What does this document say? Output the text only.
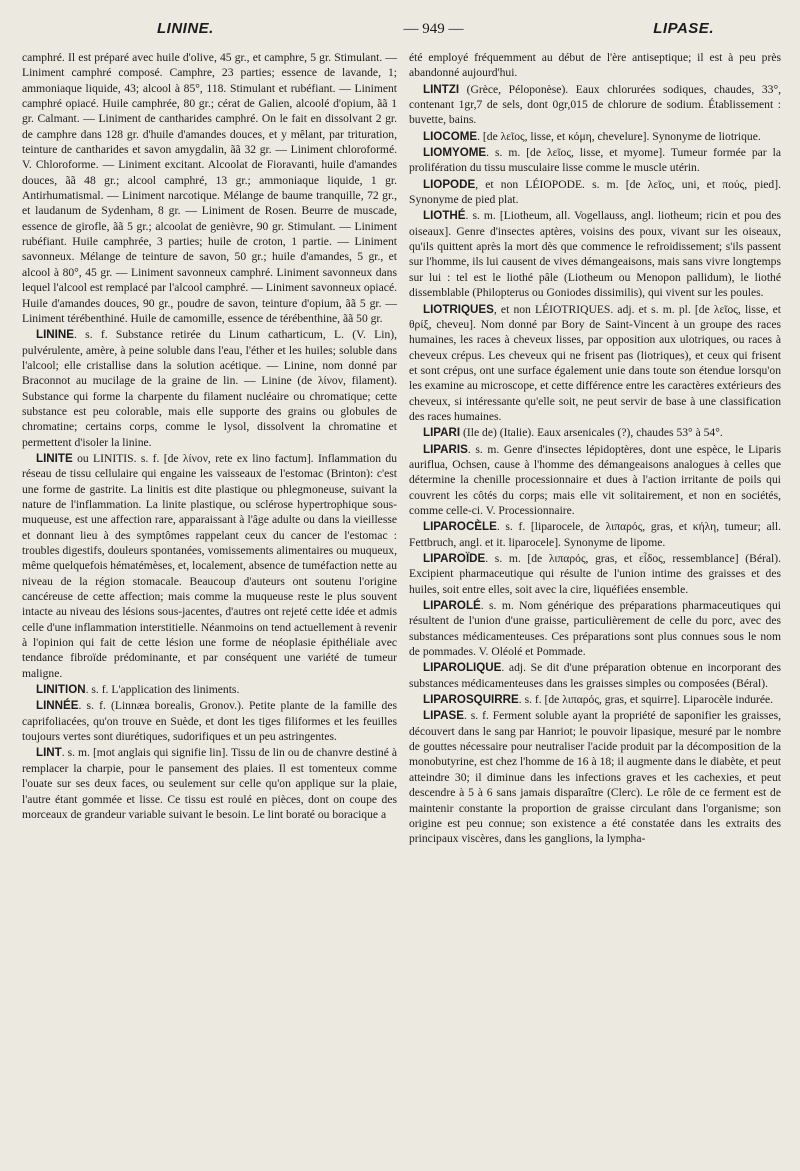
LININE.	— 949 —	LIPASE.

camphré. Il est préparé avec huile d'olive, 45 gr., et camphre, 5 gr. Stimulant. — Liniment camphré composé. Camphre, 23 parties; essence de lavande, 1; ammoniaque liquide, 43; alcool à 85°, 118. Stimulant et rubéfiant. — Liniment camphré opiacé. Huile camphrée, 80 gr.; cérat de Galien, alcoolé d'opium, ãã 1 gr. Calmant. — Liniment de cantharides camphré. On le fait en dissolvant 2 gr. de camphre dans 128 gr. d'huile d'amandes douces, et y mêlant, par trituration, teinture de cantharides et savon amygdalin, ãã 32 gr. — Liniment chloroformé. V. Chloroforme. — Liniment excitant. Alcoolat de Fioravanti, huile d'amandes douces, ãã 48 gr.; alcool camphré, 13 gr.; ammoniaque liquide, 1 gr. Antirhumatismal. — Liniment narcotique. Mélange de baume tranquille, 72 gr., et laudanum de Sydenham, 8 gr. — Liniment de Rosen. Beurre de muscade, essence de girofle, ãã 5 gr.; alcoolat de genièvre, 90 gr. Stimulant. — Liniment rubéfiant. Huile camphrée, 3 parties; huile de croton, 1 partie. — Liniment savonneux. Mélange de teinture de savon, 50 gr.; huile d'amandes, 5 gr., et alcool à 80°, 45 gr. — Liniment savonneux camphré. Liniment savonneux dans lequel l'alcool est remplacé par l'alcool camphré. — Liniment savonneux opiacé. Huile d'amandes douces, 90 gr., poudre de savon, teinture d'opium, ãã 5 gr. — Liniment térébenthiné. Huile de camomille, essence de térébenthine, ãã 50 gr.

LININE. s. f. Substance retirée du Linum catharticum, L. (V. Lin), pulvérulente, amère, à peine soluble dans l'eau, l'éther et les huiles; soluble dans l'alcool; elle cristallise dans la solution acétique. — Linine, nom donné par Braconnot au mucilage de la graine de lin. — Linine (de λίνον, filament). Substance qui forme la charpente du filament nucléaire ou chromatique; cette substance est peu colorable, mais elle supporte des grains ou globules de chromatine; certains corps, comme le lysol, dissolvent la chromatine et permettent d'isoler la linine.

LINITE ou LINITIS. s. f. [de λίνον, rete ex lino factum]. Inflammation du réseau de tissu cellulaire qui engaine les vaisseaux de l'estomac (Brinton): c'est une forme de gastrite. La linitis est dite plastique ou phlegmoneuse, suivant la nature de l'inflammation. La linite plastique, ou sclérose hypertrophique sous-muqueuse, est une affection rare, apparaissant à l'âge adulte ou dans la vieillesse et donnant lieu à des symptômes rappelant ceux du cancer de l'estomac : troubles digestifs, douleurs spontanées, vomissements alimentaires ou muqueux, même quelquefois hématémèses, et, localement, absence de tuméfaction nette au niveau de la région stomacale. Beaucoup d'auteurs ont soutenu l'origine cancéreuse de cette affection; mais comme la muqueuse reste le plus souvent intacte au niveau des lésions sous-jacentes, d'autres ont rejeté cette idée et admis celle d'une inflammation interstitielle. Néanmoins on tend actuellement à revenir à l'opinion qui fait de cette lésion une forme de néoplasie épithéliale avec tendance fibroïde prédominante, et par conséquent une variété de tumeur maligne.

LINITION. s. f. L'application des liniments.

LINNÉE. s. f. (Linnæa borealis, Gronov.). Petite plante de la famille des caprifoliacées, qu'on trouve en Suède, et dont les tiges filiformes et les feuilles toujours vertes sont diurétiques, sudorifiques et un peu astringentes.

LINT. s. m. [mot anglais qui signifie lin]. Tissu de lin ou de chanvre destiné à remplacer la charpie, pour le pansement des plaies. Il est tomenteux comme l'ouate sur ses deux faces, ou seulement sur celle qu'on applique sur la plaie, l'autre étant gommée et lisse. Ce tissu est roulé en pièces, dont on coupe des morceaux de grandeur variable suivant le besoin. Le lint boraté ou boracique a

été employé fréquemment au début de l'ère antiseptique; il est à peu près abandonné aujourd'hui.

LINTZI (Grèce, Péloponèse). Eaux chlorurées sodiques, chaudes, 33°, contenant 1gr,7 de sels, dont 0gr,015 de chlorure de sodium. Établissement : buvette, bains.

LIOCOME. [de λεῖος, lisse, et κόμη, chevelure]. Synonyme de liotrique.

LIOMYOME. s. m. [de λεῖος, lisse, et myome]. Tumeur formée par la prolifération du tissu musculaire lisse comme le muscle utérin.

LIOPODE, et non LÉIOPODE. s. m. [de λεῖος, uni, et πούς, pied]. Synonyme de pied plat.

LIOTHÉ. s. m. [Liotheum, all. Vogellauss, angl. liotheum; ricin et pou des oiseaux]. Genre d'insectes aptères, voisins des poux, vivant sur les oiseaux, qu'ils quittent après la mort dès que commence le refroidissement; s'ils passent sur l'homme, ils lui causent de vives démangeaisons, mais sans vivre longtemps sur lui : tel est le liothé pâle (Liotheum ou Menopon pallidum), le liothé dissemblable (Philopterus ou Goniodes dissimilis), qui vivent sur les poules.

LIOTRIQUES, et non LÉIOTRIQUES. adj. et s. m. pl. [de λεῖος, lisse, et θρίξ, cheveu]. Nom donné par Bory de Saint-Vincent à un groupe des races humaines, les races à cheveux lisses, par opposition aux ulotriques, ou races à cheveux crépus. Les cheveux qui ne frisent pas (liotriques), et ceux qui frisent et sont crépus, ont une surface également unie dans toute son étendue lorsqu'on les examine au microscope, et cette différence entre les caractères extérieurs des cheveux, si intéressante qu'elle soit, ne peut servir de base à une classification des races humaines.

LIPARI (Ile de) (Italie). Eaux arsenicales (?), chaudes 53° à 54°.

LIPARIS. s. m. Genre d'insectes lépidoptères, dont une espèce, le Liparis auriflua, Ochsen, cause à l'homme des démangeaisons analogues à celles que détermine la chenille processionnaire et dues à l'action irritante de poils qui couvrent les côtés du corps; mais elle vit solitairement, et non en sociétés, comme celle-ci. V. Processionnaire.

LIPAROCÈLE. s. f. [liparocele, de λιπαρός, gras, et κήλη, tumeur; all. Fettbruch, angl. et it. liparocele]. Synonyme de lipome.

LIPAROÏDE. s. m. [de λιπαρός, gras, et εἶδος, ressemblance] (Béral). Excipient pharmaceutique qui résulte de l'union intime des graisses et des huiles, soit entre elles, soit avec la cire, liquéfiées ensemble.

LIPAROLÉ. s. m. Nom générique des préparations pharmaceutiques qui résultent de l'union d'une graisse, particulièrement de celle du porc, avec des substances médicamenteuses. Ces préparations sont plus connues sous le nom de pommades. V. Oléolé et Pommade.

LIPAROLIQUE. adj. Se dit d'une préparation obtenue en incorporant des substances médicamenteuses dans les graisses simples ou composées (Béral).

LIPAROSQUIRRE. s. f. [de λιπαρός, gras, et squirre]. Liparocèle indurée.

LIPASE. s. f. Ferment soluble ayant la propriété de saponifier les graisses, découvert dans le sang par Hanriot; le pouvoir lipasique, mesuré par le nombre de gouttes nécessaire pour neutraliser l'acide produit par la décomposition de la monobutyrine, est chez l'homme de 16 à 18; il augmente dans le diabète, et peut atteindre 30; il diminue dans les infections graves et les cachexies, et peut descendre à 5 à 6 sans jamais disparaître (Clerc). Le rôle de ce ferment est de maintenir constante la proportion de graisse circulant dans l'organisme; son origine est peu connue; son existence a été constatée dans les extraits des principaux viscères, dans les ganglions, la lympha-
